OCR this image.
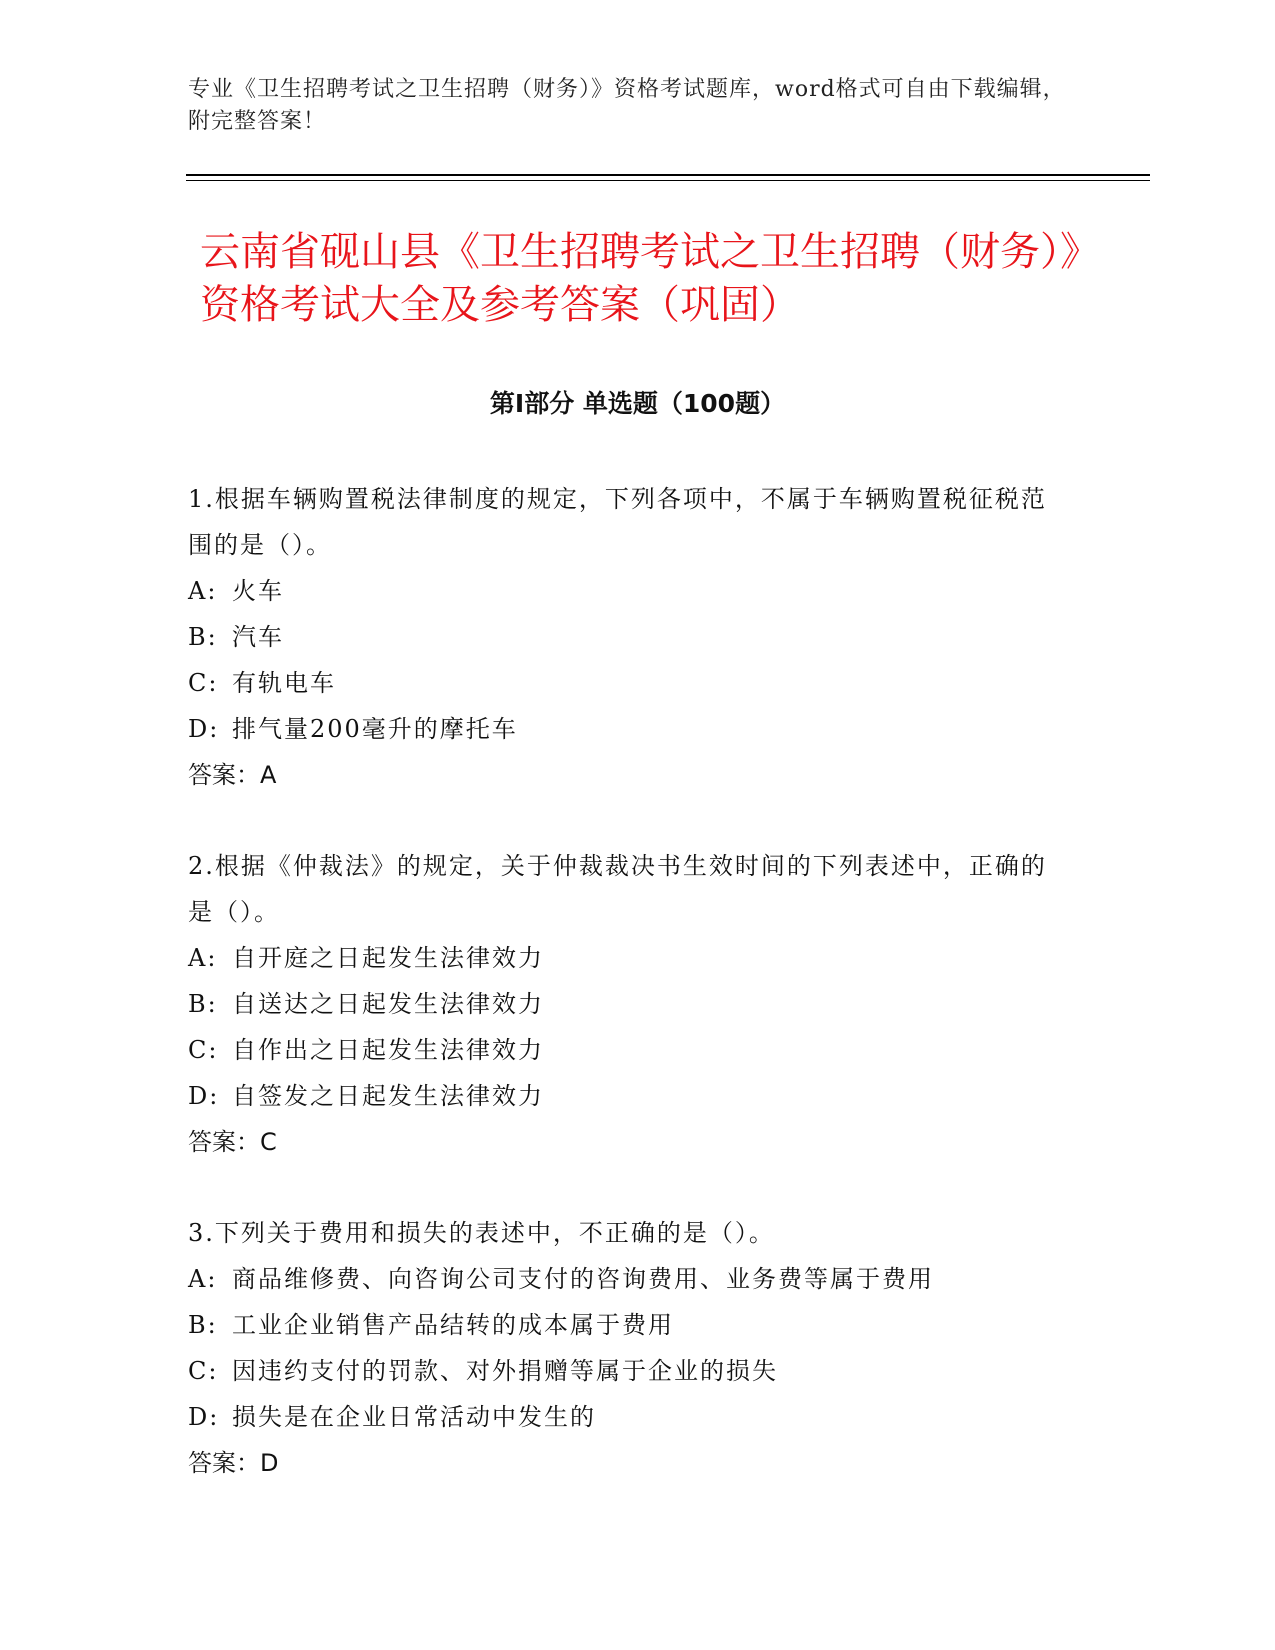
专业《卫生招聘考试之卫生招聘（财务）》资格考试题库，word格式可自由下载编辑，附完整答案！
云南省砚山县《卫生招聘考试之卫生招聘（财务）》资格考试大全及参考答案（巩固）
第Ⅰ部分 单选题（100题）

1.根据车辆购置税法律制度的规定，下列各项中，不属于车辆购置税征税范围的是（）。

A: 火车

B: 汽车

C: 有轨电车

D: 排气量200毫升的摩托车

答案：A

2.根据《仲裁法》的规定，关于仲裁裁决书生效时间的下列表述中，正确的是（）。

A: 自开庭之日起发生法律效力

B: 自送达之日起发生法律效力

C: 自作出之日起发生法律效力

D: 自签发之日起发生法律效力

答案：C

3.下列关于费用和损失的表述中，不正确的是（）。

A: 商品维修费、向咨询公司支付的咨询费用、业务费等属于费用

B: 工业企业销售产品结转的成本属于费用

C: 因违约支付的罚款、对外捐赠等属于企业的损失

D: 损失是在企业日常活动中发生的

答案：D
